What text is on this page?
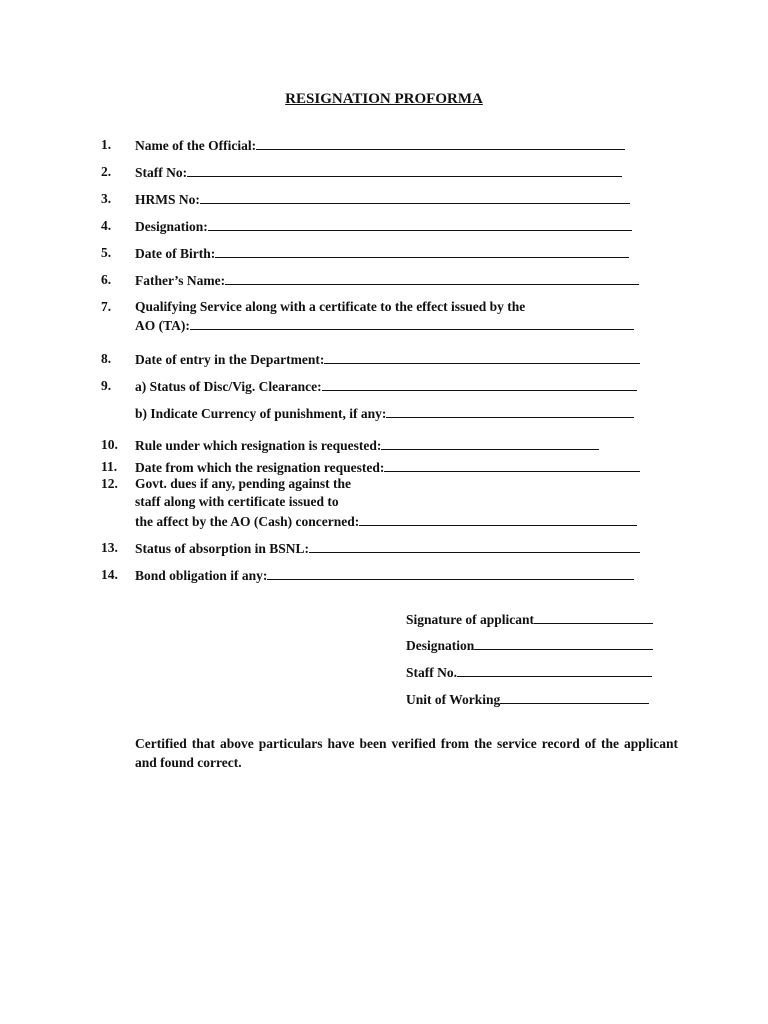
RESIGNATION PROFORMA
1. Name of the Official:
2. Staff No:
3. HRMS No:
4. Designation:
5. Date of Birth:
6. Father’s Name:
7. Qualifying Service along with a certificate to the effect issued by the
AO (TA):
8. Date of entry in the Department:
9. a) Status of Disc/Vig. Clearance:
b) Indicate Currency of punishment, if any:
10. Rule under which resignation is requested:
11. Date from which the resignation requested:
12. Govt. dues if any, pending against the
staff along with certificate issued to
the affect by the AO (Cash) concerned:
13. Status of absorption in BSNL:
14. Bond obligation if any:
Signature of applicant
Designation
Staff No.
Unit of Working
Certified that above particulars have been verified from the service record of the applicant and found correct.
